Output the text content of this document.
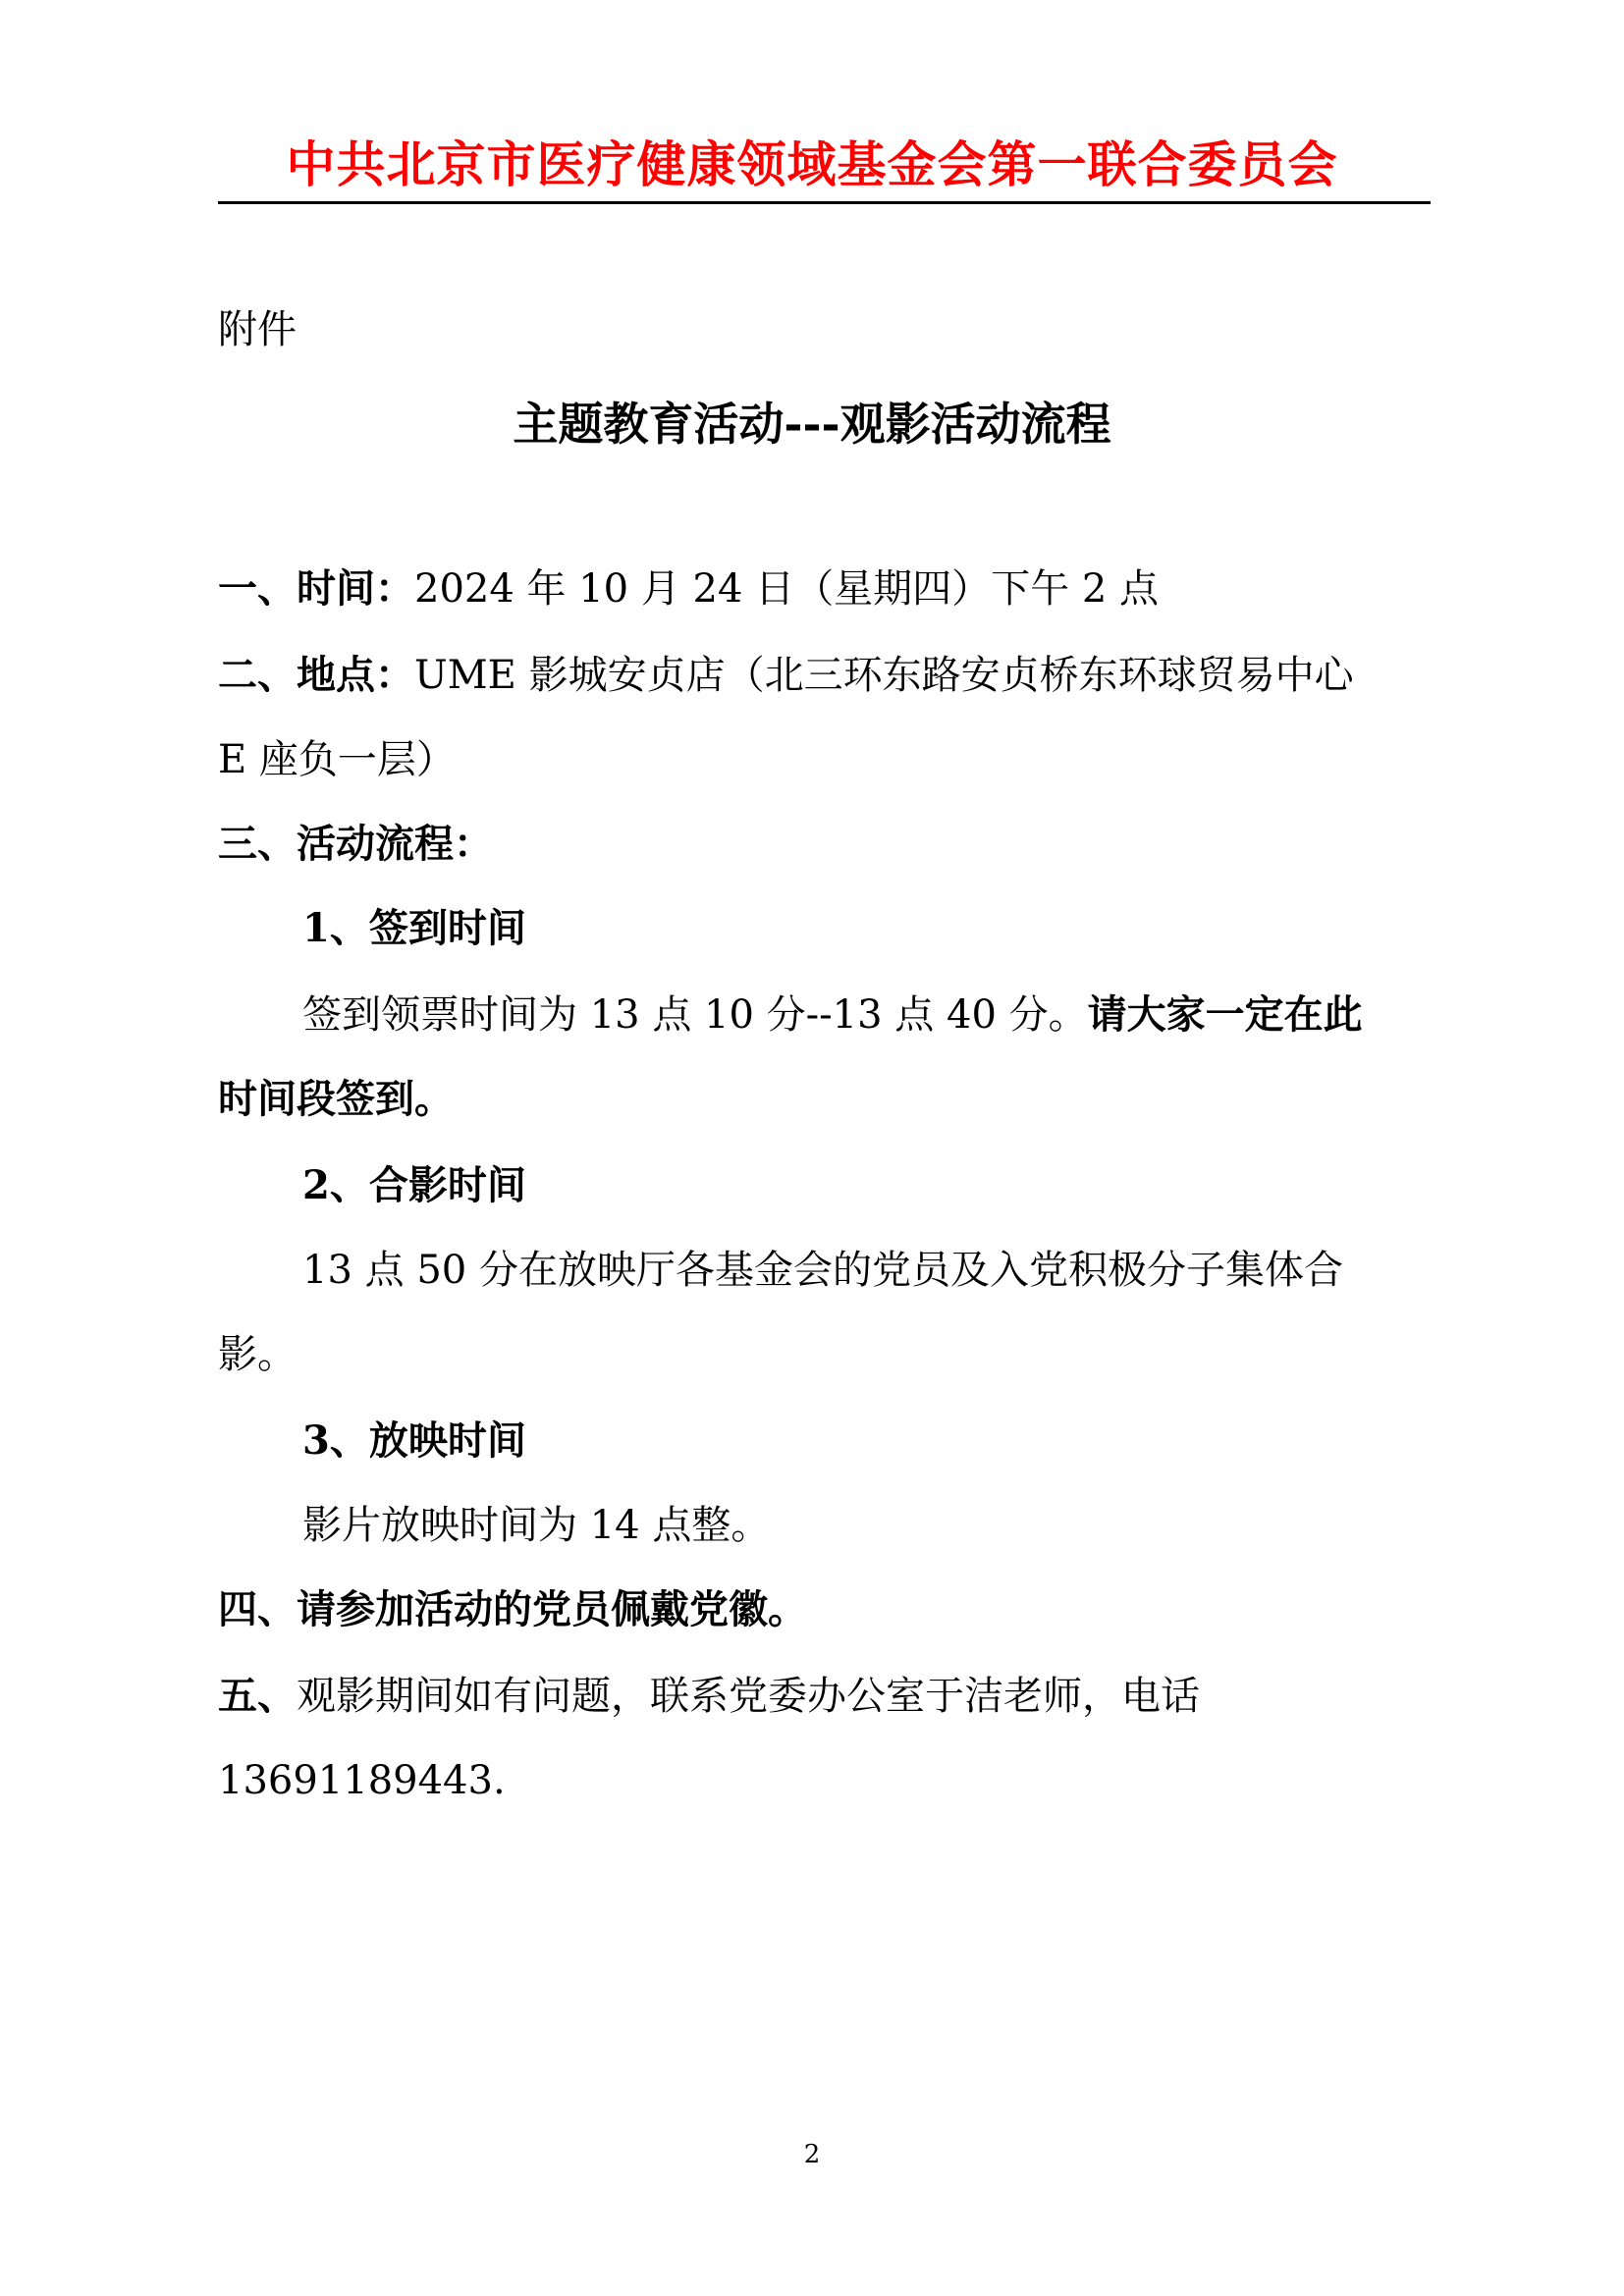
中共北京市医疗健康领域基金会第一联合委员会
附件
主题教育活动---观影活动流程
一、时间：2024 年 10 月 24 日（星期四）下午 2 点
二、地点：UME 影城安贞店（北三环东路安贞桥东环球贸易中心
E 座负一层）
三、活动流程：
1、签到时间
签到领票时间为 13 点 10 分--13 点 40 分。请大家一定在此
时间段签到。
2、合影时间
13 点 50 分在放映厅各基金会的党员及入党积极分子集体合
影。
3、放映时间
影片放映时间为 14 点整。
四、请参加活动的党员佩戴党徽。
五、观影期间如有问题，联系党委办公室于洁老师，电话
13691189443.
2
